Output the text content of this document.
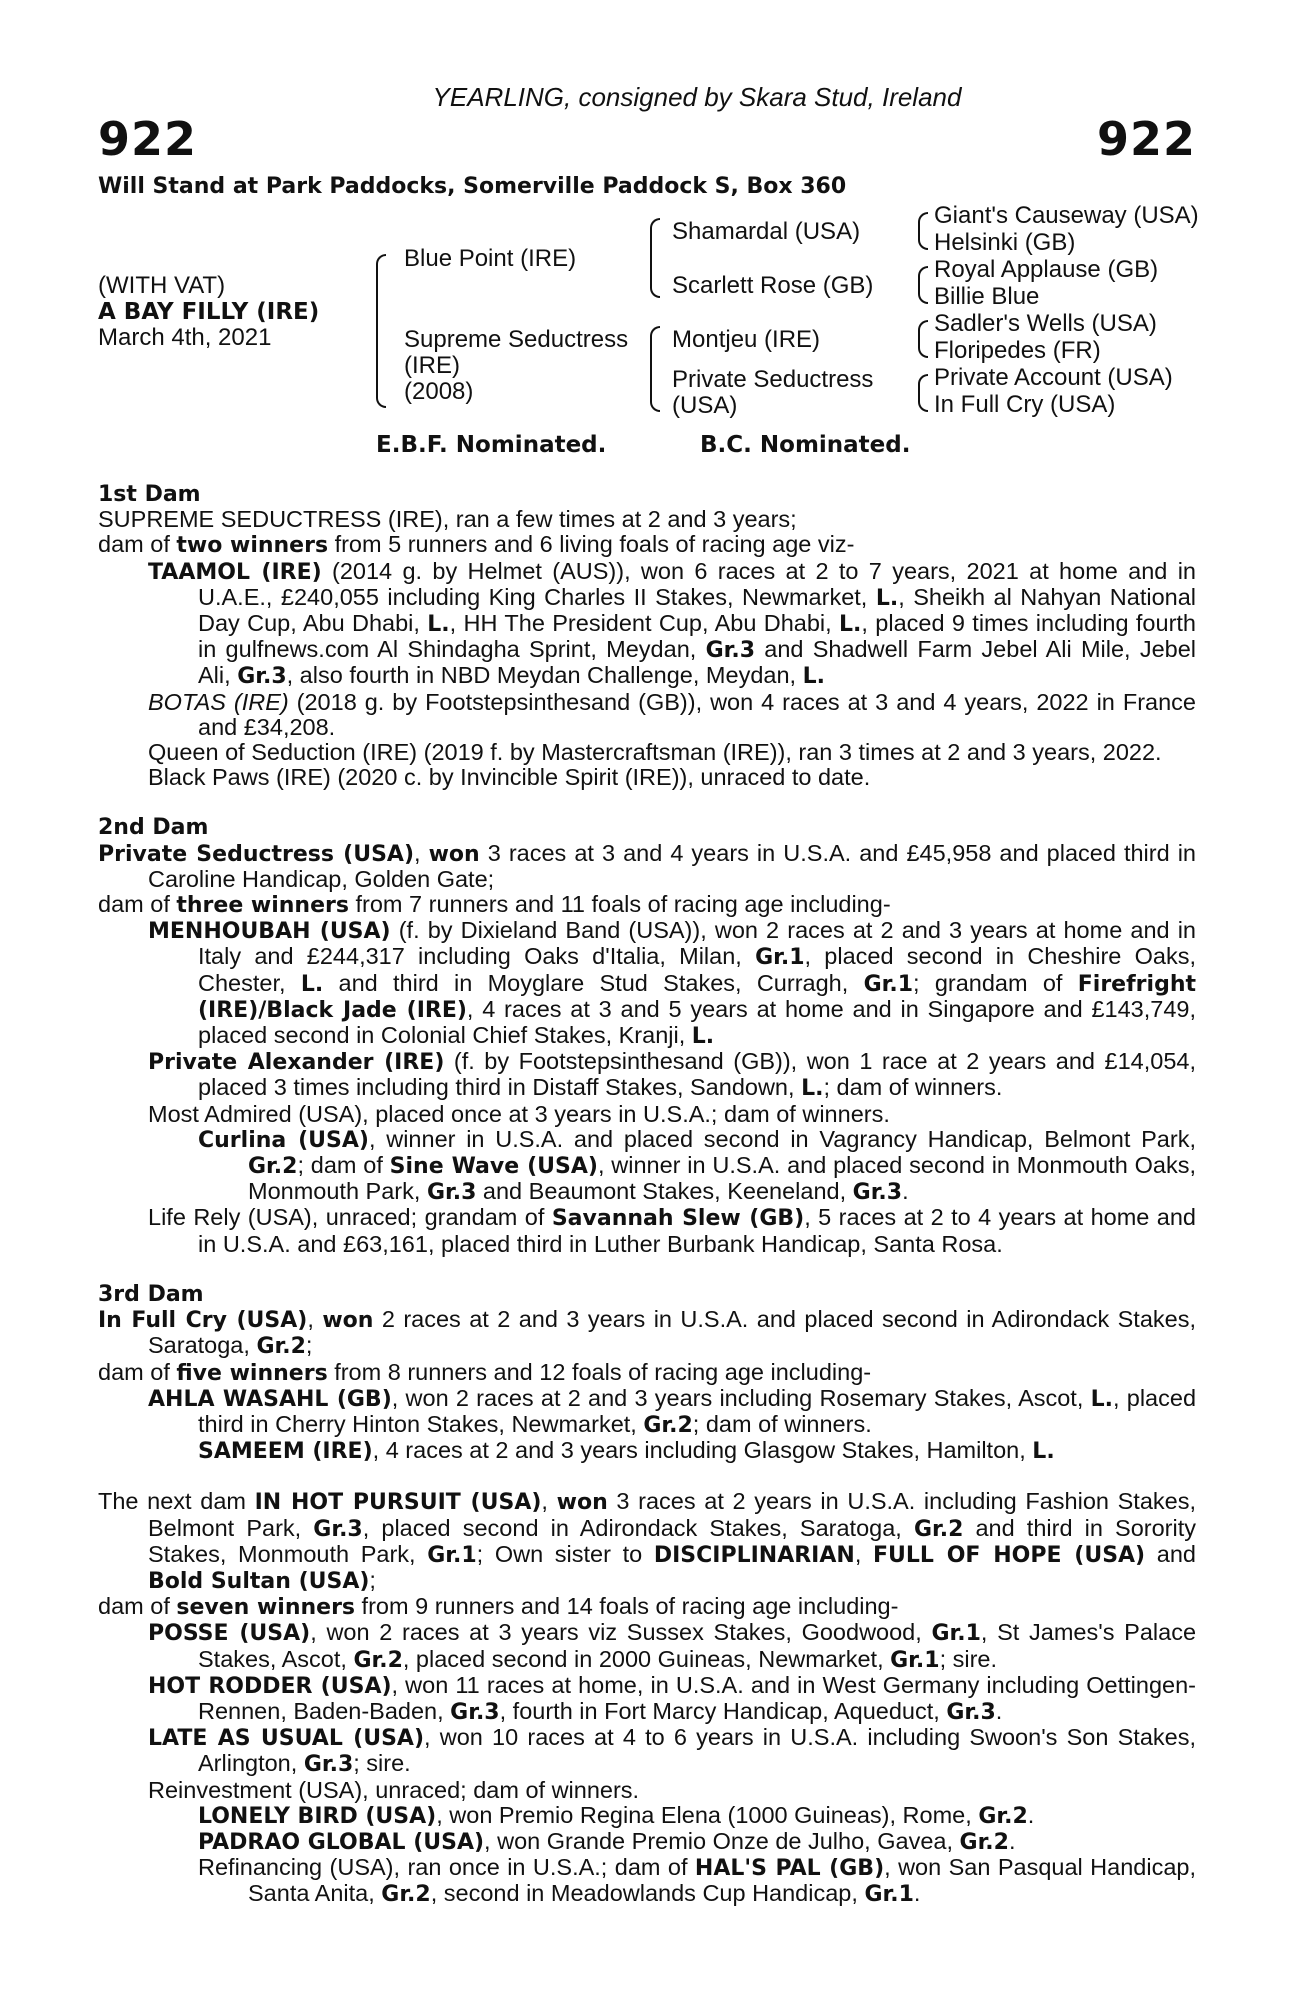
YEARLING, consigned by Skara Stud, Ireland
922	922
Will Stand at Park Paddocks, Somerville Paddock S, Box 360
(WITH VAT)
A BAY FILLY (IRE)
March 4th, 2021
Blue Point (IRE)
Supreme Seductress
(IRE)
(2008)
Shamardal (USA)
Scarlett Rose (GB)
Montjeu (IRE)
Private Seductress
(USA)
Giant's Causeway (USA)
Helsinki (GB)
Royal Applause (GB)
Billie Blue
Sadler's Wells (USA)
Floripedes (FR)
Private Account (USA)
In Full Cry (USA)
E.B.F. Nominated.	B.C. Nominated.

1st Dam

SUPREME SEDUCTRESS (IRE), ran a few times at 2 and 3 years;

dam of two winners from 5 runners and 6 living foals of racing age viz-

TAAMOL (IRE) (2014 g. by Helmet (AUS)), won 6 races at 2 to 7 years, 2021 at home and in U.A.E., £240,055 including King Charles II Stakes, Newmarket, L., Sheikh al Nahyan National Day Cup, Abu Dhabi, L., HH The President Cup, Abu Dhabi, L., placed 9 times including fourth in gulfnews.com Al Shindagha Sprint, Meydan, Gr.3 and Shadwell Farm Jebel Ali Mile, Jebel Ali, Gr.3, also fourth in NBD Meydan Challenge, Meydan, L.

BOTAS (IRE) (2018 g. by Footstepsinthesand (GB)), won 4 races at 3 and 4 years, 2022 in France and £34,208.

Queen of Seduction (IRE) (2019 f. by Mastercraftsman (IRE)), ran 3 times at 2 and 3 years, 2022.

Black Paws (IRE) (2020 c. by Invincible Spirit (IRE)), unraced to date.

2nd Dam

Private Seductress (USA), won 3 races at 3 and 4 years in U.S.A. and £45,958 and placed third in Caroline Handicap, Golden Gate;

dam of three winners from 7 runners and 11 foals of racing age including-

MENHOUBAH (USA) (f. by Dixieland Band (USA)), won 2 races at 2 and 3 years at home and in Italy and £244,317 including Oaks d'Italia, Milan, Gr.1, placed second in Cheshire Oaks, Chester, L. and third in Moyglare Stud Stakes, Curragh, Gr.1; grandam of Firefright (IRE)/Black Jade (IRE), 4 races at 3 and 5 years at home and in Singapore and £143,749, placed second in Colonial Chief Stakes, Kranji, L.

Private Alexander (IRE) (f. by Footstepsinthesand (GB)), won 1 race at 2 years and £14,054, placed 3 times including third in Distaff Stakes, Sandown, L.; dam of winners.

Most Admired (USA), placed once at 3 years in U.S.A.; dam of winners.

Curlina (USA), winner in U.S.A. and placed second in Vagrancy Handicap, Belmont Park, Gr.2; dam of Sine Wave (USA), winner in U.S.A. and placed second in Monmouth Oaks, Monmouth Park, Gr.3 and Beaumont Stakes, Keeneland, Gr.3.

Life Rely (USA), unraced; grandam of Savannah Slew (GB), 5 races at 2 to 4 years at home and in U.S.A. and £63,161, placed third in Luther Burbank Handicap, Santa Rosa.

3rd Dam

In Full Cry (USA), won 2 races at 2 and 3 years in U.S.A. and placed second in Adirondack Stakes, Saratoga, Gr.2;

dam of five winners from 8 runners and 12 foals of racing age including-

AHLA WASAHL (GB), won 2 races at 2 and 3 years including Rosemary Stakes, Ascot, L., placed third in Cherry Hinton Stakes, Newmarket, Gr.2; dam of winners.

SAMEEM (IRE), 4 races at 2 and 3 years including Glasgow Stakes, Hamilton, L.

The next dam IN HOT PURSUIT (USA), won 3 races at 2 years in U.S.A. including Fashion Stakes, Belmont Park, Gr.3, placed second in Adirondack Stakes, Saratoga, Gr.2 and third in Sorority Stakes, Monmouth Park, Gr.1; Own sister to DISCIPLINARIAN, FULL OF HOPE (USA) and Bold Sultan (USA);

dam of seven winners from 9 runners and 14 foals of racing age including-

POSSE (USA), won 2 races at 3 years viz Sussex Stakes, Goodwood, Gr.1, St James's Palace Stakes, Ascot, Gr.2, placed second in 2000 Guineas, Newmarket, Gr.1; sire.

HOT RODDER (USA), won 11 races at home, in U.S.A. and in West Germany including Oettingen-Rennen, Baden-Baden, Gr.3, fourth in Fort Marcy Handicap, Aqueduct, Gr.3.

LATE AS USUAL (USA), won 10 races at 4 to 6 years in U.S.A. including Swoon's Son Stakes, Arlington, Gr.3; sire.

Reinvestment (USA), unraced; dam of winners.

LONELY BIRD (USA), won Premio Regina Elena (1000 Guineas), Rome, Gr.2.

PADRAO GLOBAL (USA), won Grande Premio Onze de Julho, Gavea, Gr.2.

Refinancing (USA), ran once in U.S.A.; dam of HAL'S PAL (GB), won San Pasqual Handicap, Santa Anita, Gr.2, second in Meadowlands Cup Handicap, Gr.1.
